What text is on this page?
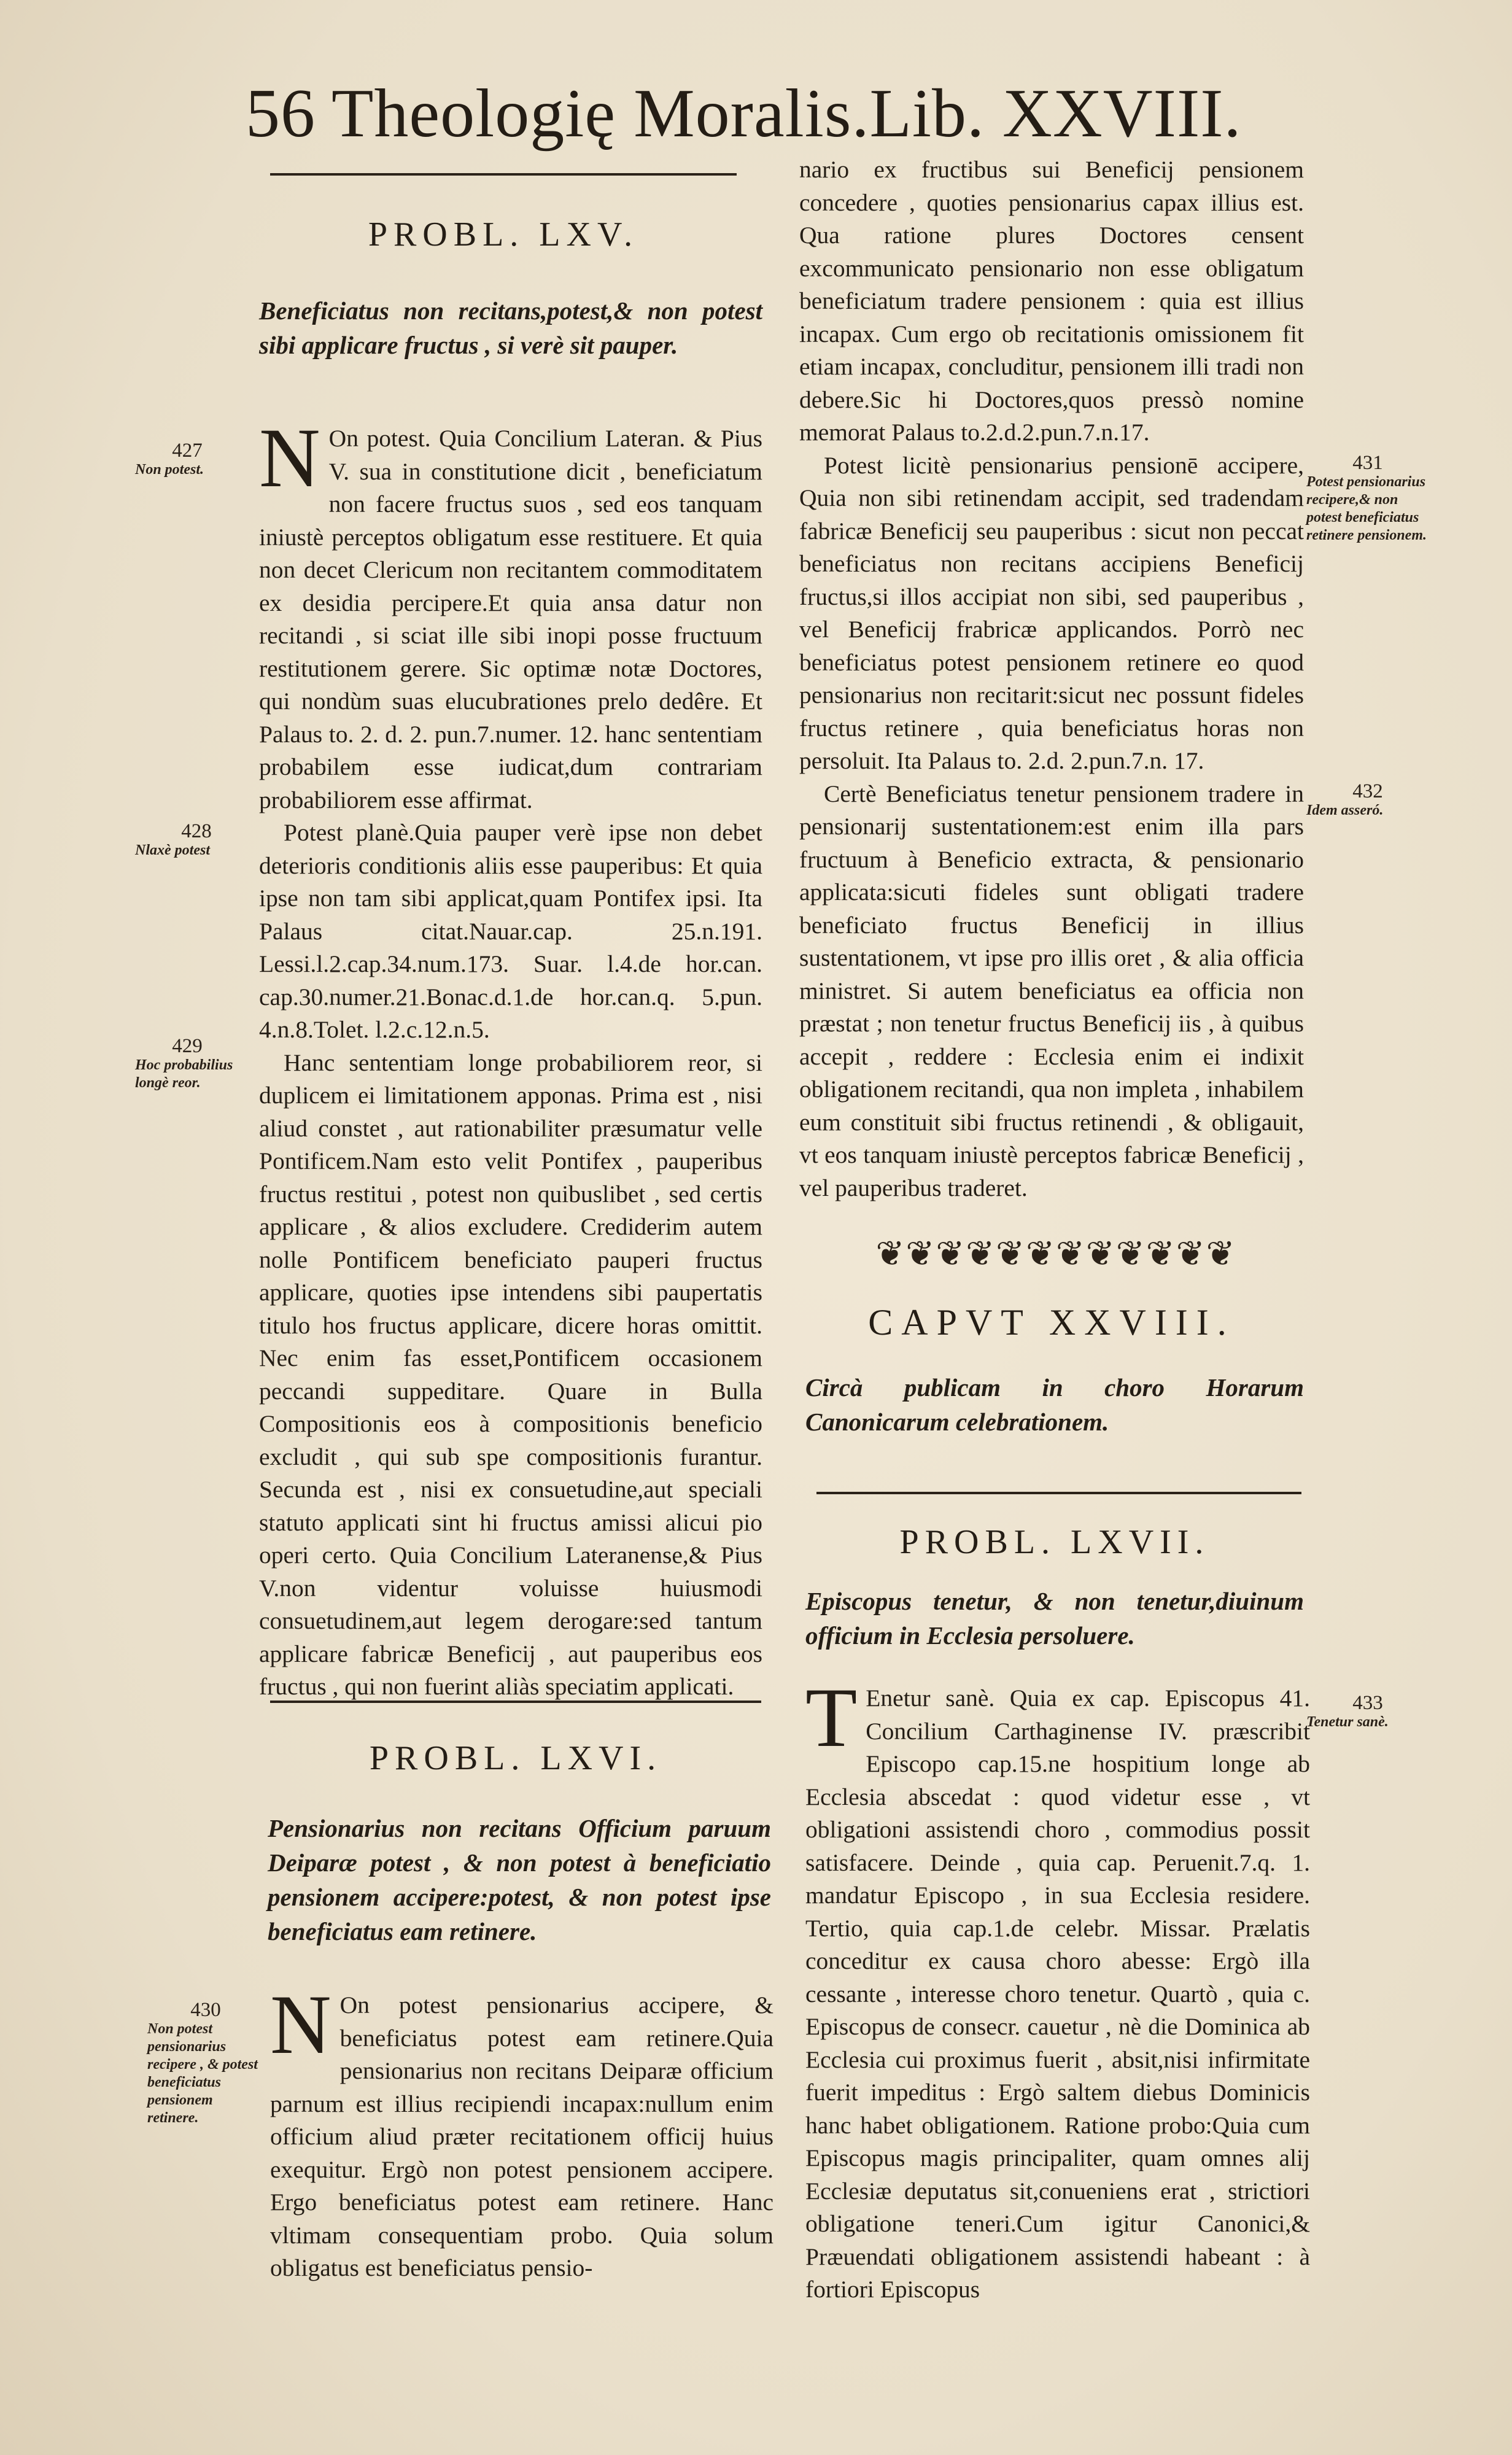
56 Theologię Moralis.Lib. XXVIII.
PROBL. LXV.
Beneficiatus non recitans,potest,& non potest sibi applicare fructus , si verè sit pauper.

N On potest. Quia Concilium Lateran. & Pius V. sua in constitutione dicit , beneficiatum non facere fructus suos , sed eos tanquam iniustè perceptos obligatum esse restituere. Et quia non decet Clericum non recitantem commoditatem ex desidia percipere.Et quia ansa datur non recitandi , si sciat ille sibi inopi posse fructuum restitutionem gerere. Sic optimæ notæ Doctores, qui nondùm suas elucubrationes prelo dedêre. Et Palaus to. 2. d. 2. pun.7.numer. 12. hanc sententiam probabilem esse iudicat,dum contrariam probabiliorem esse affirmat.

Potest planè.Quia pauper verè ipse non debet deterioris conditionis aliis esse pauperibus: Et quia ipse non tam sibi applicat,quam Pontifex ipsi. Ita Palaus citat.Nauar.cap. 25.n.191. Lessi.l.2.cap.34.num.173. Suar. l.4.de hor.can. cap.30.numer.21.Bonac.d.1.de hor.can.q. 5.pun. 4.n.8.Tolet. l.2.c.12.n.5.

Hanc sententiam longe probabiliorem reor, si duplicem ei limitationem apponas. Prima est , nisi aliud constet , aut rationabiliter præsumatur velle Pontificem.Nam esto velit Pontifex , pauperibus fructus restitui , potest non quibuslibet , sed certis applicare , & alios excludere. Crediderim autem nolle Pontificem beneficiato pauperi fructus applicare, quoties ipse intendens sibi paupertatis titulo hos fructus applicare, dicere horas omittit. Nec enim fas esset,Pontificem occasionem peccandi suppeditare. Quare in Bulla Compositionis eos à compositionis beneficio excludit , qui sub spe compositionis furantur. Secunda est , nisi ex consuetudine,aut speciali statuto applicati sint hi fructus amissi alicui pio operi certo. Quia Concilium Lateranense,& Pius V.non videntur voluisse huiusmodi consuetudinem,aut legem derogare:sed tantum applicare fabricæ Beneficij , aut pauperibus eos fructus , qui non fuerint aliàs speciatim applicati.

PROBL. LXVI.
Pensionarius non recitans Officium paruum Deiparæ potest , & non potest à beneficiatio pensionem accipere:potest, & non potest ipse beneficiatus eam retinere.

N On potest pensionarius accipere, & beneficiatus potest eam retinere.Quia pensionarius non recitans Deiparæ officium parnum est illius recipiendi incapax:nullum enim officium aliud præter recitationem officij huius exequitur. Ergò non potest pensionem accipere. Ergo beneficiatus potest eam retinere. Hanc vltimam consequentiam probo. Quia solum obligatus est beneficiatus pensio-

427
Non potest.
428
Nlaxè potest
429
Hoc probabilius longè reor.
430
Non potest pensionarius recipere , & potest beneficiatus pensionem retinere.

nario ex fructibus sui Beneficij pensionem concedere , quoties pensionarius capax illius est. Qua ratione plures Doctores censent excommunicato pensionario non esse obligatum beneficiatum tradere pensionem : quia est illius incapax. Cum ergo ob recitationis omissionem fit etiam incapax, concluditur, pensionem illi tradi non debere.Sic hi Doctores,quos pressò nomine memorat Palaus to.2.d.2.pun.7.n.17.

Potest licitè pensionarius pensionē accipere, Quia non sibi retinendam accipit, sed tradendam fabricæ Beneficij seu pauperibus : sicut non peccat beneficiatus non recitans accipiens Beneficij fructus,si illos accipiat non sibi, sed pauperibus , vel Beneficij frabricæ applicandos. Porrò nec beneficiatus potest pensionem retinere eo quod pensionarius non recitarit:sicut nec possunt fideles fructus retinere , quia beneficiatus horas non persoluit. Ita Palaus to. 2.d. 2.pun.7.n. 17.

Certè Beneficiatus tenetur pensionem tradere in pensionarij sustentationem:est enim illa pars fructuum à Beneficio extracta, & pensionario applicata:sicuti fideles sunt obligati tradere beneficiato fructus Beneficij in illius sustentationem, vt ipse pro illis oret , & alia officia ministret. Si autem beneficiatus ea officia non præstat ; non tenetur fructus Beneficij iis , à quibus accepit , reddere : Ecclesia enim ei indixit obligationem recitandi, qua non impleta , inhabilem eum constituit sibi fructus retinendi , & obligauit, vt eos tanquam iniustè perceptos fabricæ Beneficij , vel pauperibus traderet.

❦❦❦❦❦❦❦❦❦❦❦❦
CAPVT XXVIII.
Circà publicam in choro Horarum Canonicarum celebrationem.
PROBL. LXVII.
Episcopus tenetur, & non tenetur,diuinum officium in Ecclesia persoluere.

T Enetur sanè. Quia ex cap. Episcopus 41. Concilium Carthaginense IV. præscribit Episcopo cap.15.ne hospitium longe ab Ecclesia abscedat : quod videtur esse , vt obligationi assistendi choro , commodius possit satisfacere. Deinde , quia cap. Peruenit.7.q. 1. mandatur Episcopo , in sua Ecclesia residere. Tertio, quia cap.1.de celebr. Missar. Prælatis conceditur ex causa choro abesse: Ergò illa cessante , interesse choro tenetur. Quartò , quia c. Episcopus de consecr. cauetur , nè die Dominica ab Ecclesia cui proximus fuerit , absit,nisi infirmitate fuerit impeditus : Ergò saltem diebus Dominicis hanc habet obligationem. Ratione probo:Quia cum Episcopus magis principaliter, quam omnes alij Ecclesiæ deputatus sit,conueniens erat , strictiori obligatione teneri.Cum igitur Canonici,& Præuendati obligationem assistendi habeant : à fortiori Episcopus

431
Potest pensionarius recipere,& non potest beneficiatus retinere pensionem.
432
Idem asseró.
433
Tenetur sanè.
